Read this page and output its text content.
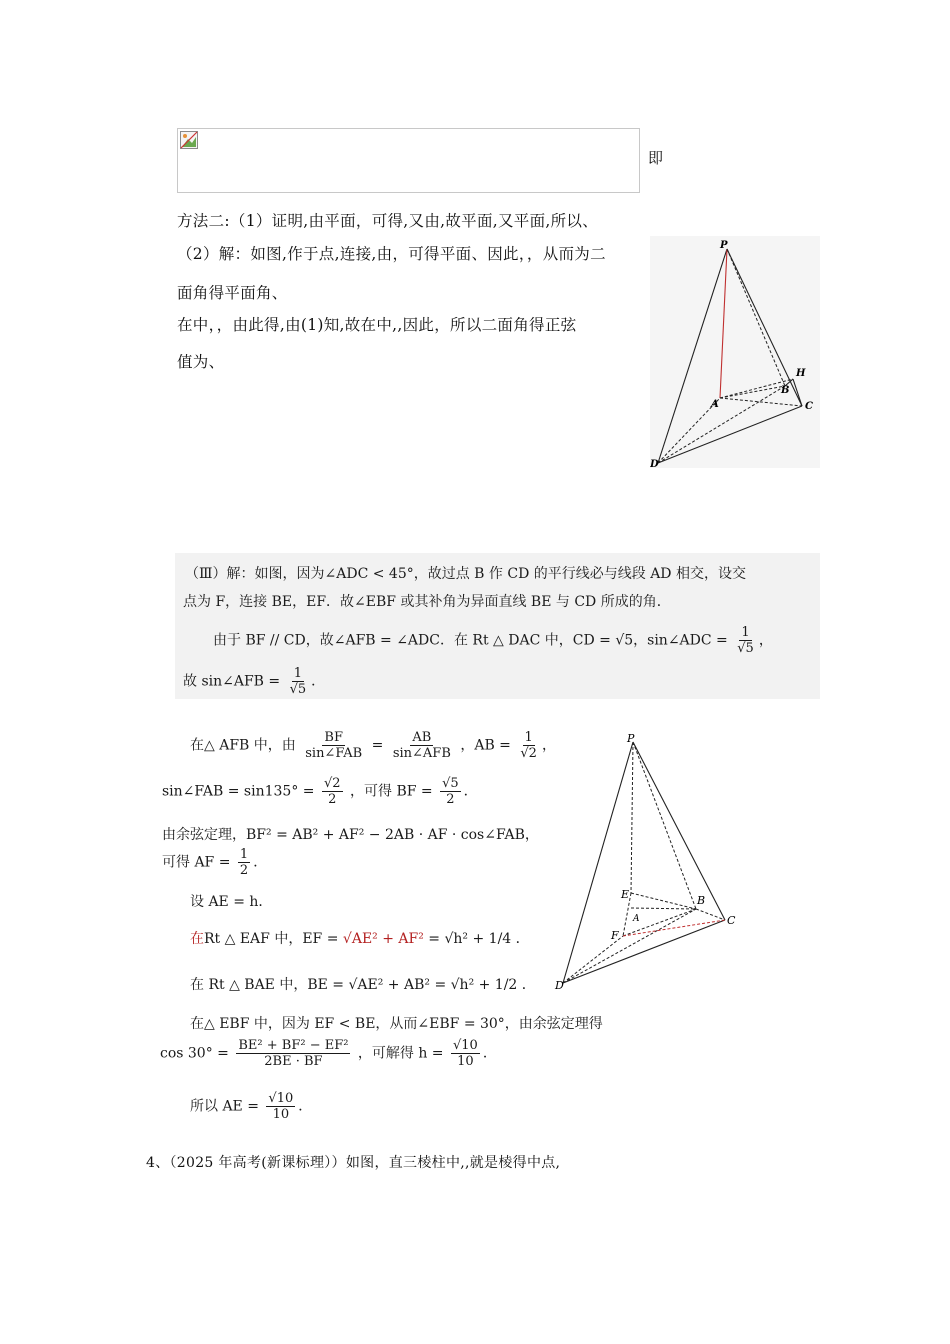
即
方法二:（1）证明,由平面，可得,又由,故平面,又平面,所以、
（2）解：如图,作于点,连接,由，可得平面、因此，，从而为二
面角得平面角、
在中，，由此得,由(1)知,故在中,,因此，所以二面角得正弦
值为、
P
H
B
A	C
D
（Ⅲ）解：如图，因为∠ADC < 45°，故过点 B 作 CD 的平行线必与线段 AD 相交，设交
点为 F，连接 BE，EF．故∠EBF 或其补角为异面直线 BE 与 CD 所成的角．
由于 BF // CD，故∠AFB = ∠ADC．在 Rt △ DAC 中，CD = √5，sin∠ADC = $\frac{1}{√5}$ ，
故 sin∠AFB = $\frac{1}{√5}$ ．
在△ AFB 中，由 $\frac{BF}{\text{sin∠FAB}} = \frac{AB}{\text{sin∠AFB}}$ ，AB = $\frac{1}{√2}$ ，
sin∠FAB = $\sin 135^\circ = \frac{√2}{2}$ ，可得 BF = $\frac{√5}{2}$ ．
由余弦定理，BF² = AB² + AF² − 2AB · AF · cos∠FAB，
可得 AF = $\frac{1}{2}$ ．
设 AE = h．
在Rt △ EAF 中，EF = √AE² + AF² = √h² + 1/4 ．
在 Rt △ BAE 中，BE = √AE² + AB² = √h² + 1/2 ．
在△ EBF 中，因为 EF < BE，从而∠EBF = 30°，由余弦定理得
$\cos 30^\circ = \frac{\text{BE² + BF² − EF²}}{2BE \cdot BF}$ ，可解得 $h = \frac{√10}{10}$ ．
所以 AE = $\frac{√10}{10}$ ．
P
E	B
A
F
C
D
4、（2025 年高考(新课标理））如图，直三棱柱中,,就是棱得中点,
